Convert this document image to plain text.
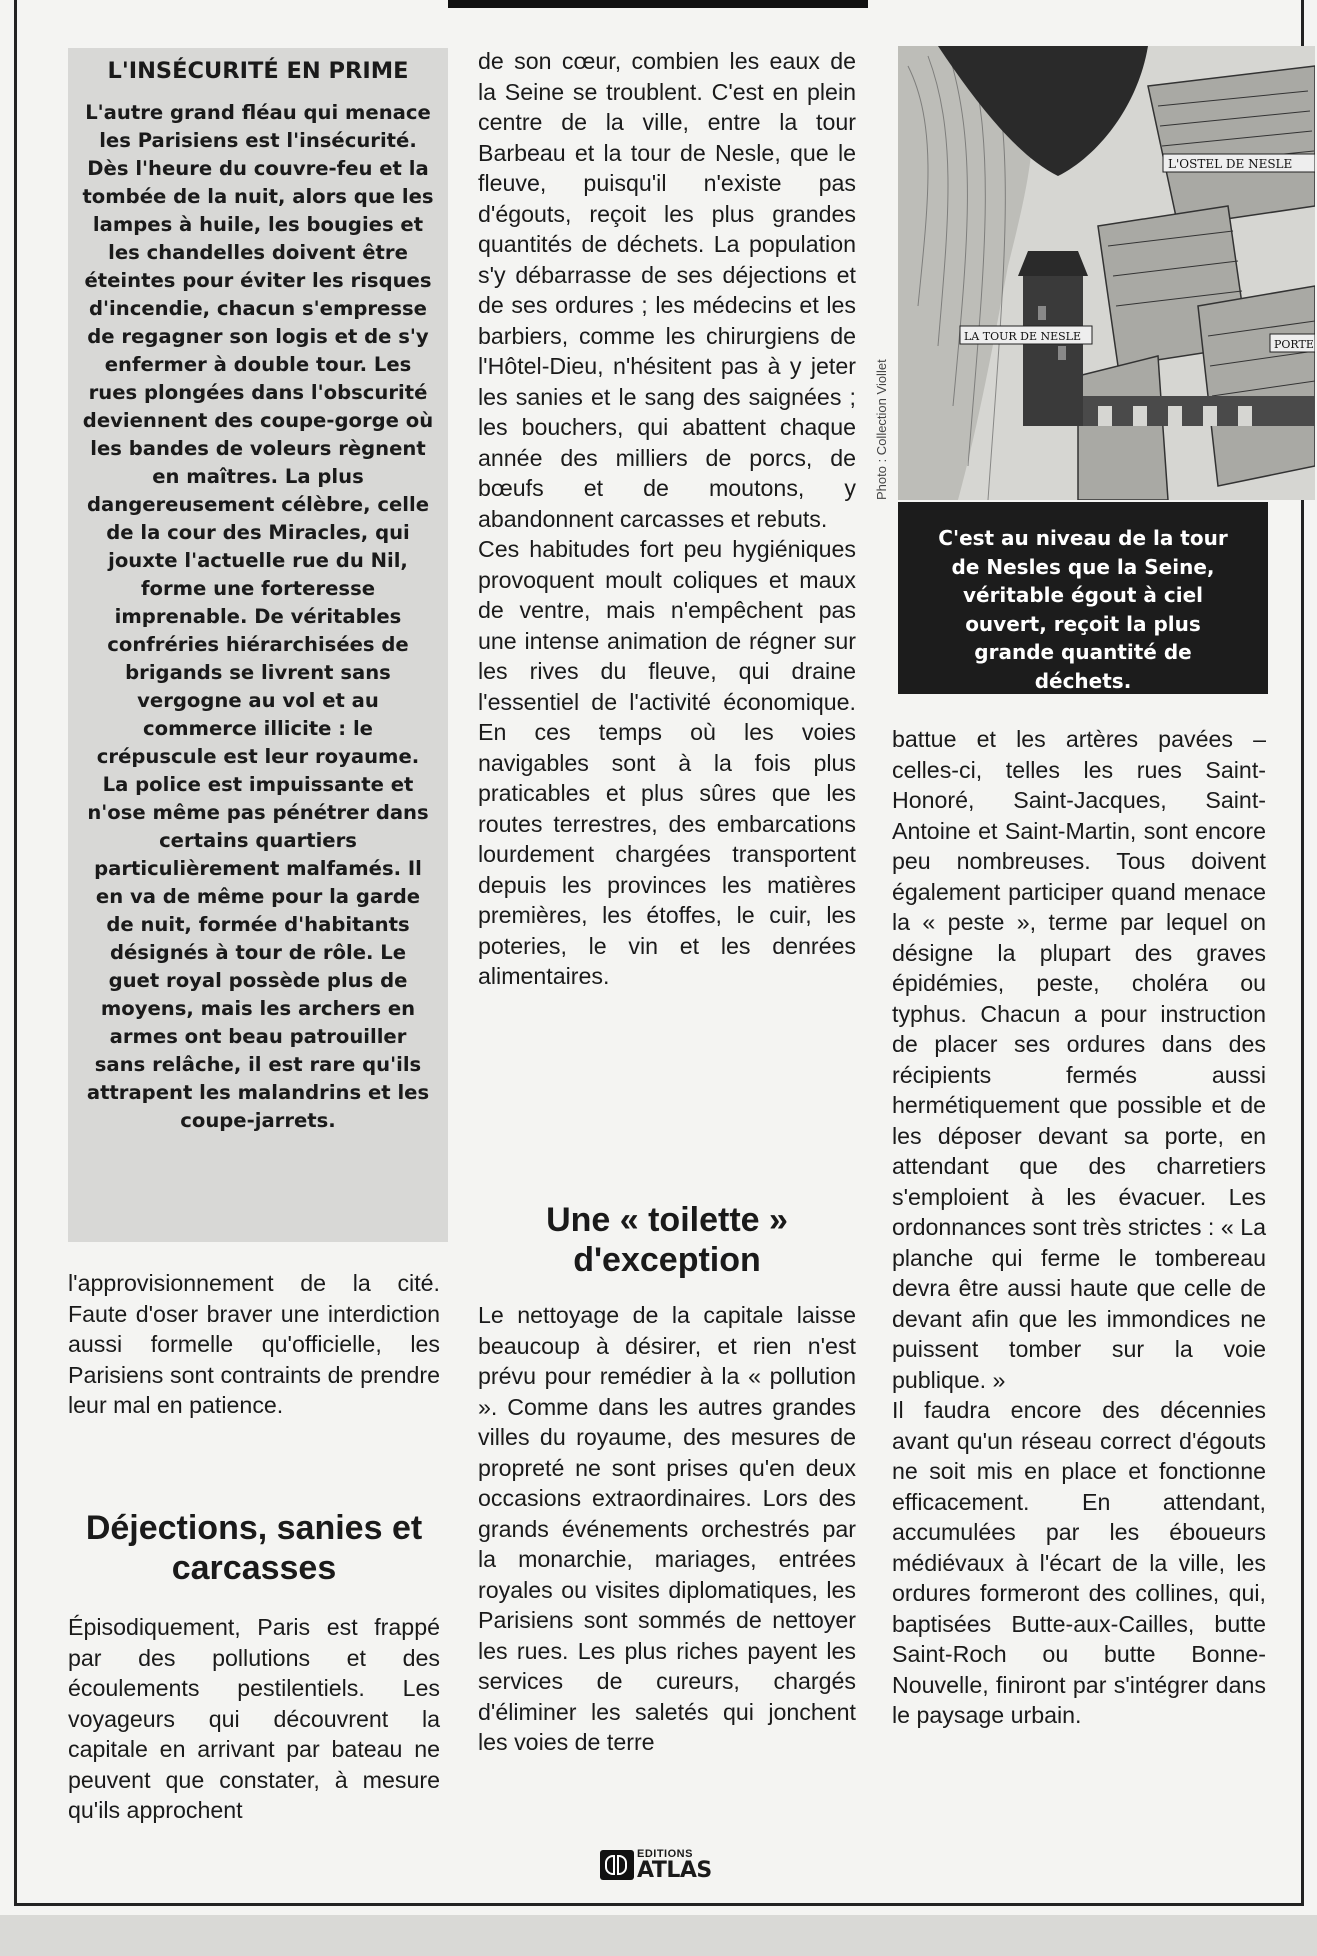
L'INSÉCURITÉ EN PRIME

L'autre grand fléau qui menace les Parisiens est l'insécurité. Dès l'heure du couvre-feu et la tombée de la nuit, alors que les lampes à huile, les bougies et les chandelles doivent être éteintes pour éviter les risques d'incendie, chacun s'empresse de regagner son logis et de s'y enfermer à double tour. Les rues plongées dans l'obscurité deviennent des coupe-gorge où les bandes de voleurs règnent en maîtres. La plus dangereusement célèbre, celle de la cour des Miracles, qui jouxte l'actuelle rue du Nil, forme une forteresse imprenable. De véritables confréries hiérarchisées de brigands se livrent sans vergogne au vol et au commerce illicite : le crépuscule est leur royaume. La police est impuissante et n'ose même pas pénétrer dans certains quartiers particulièrement malfamés. Il en va de même pour la garde de nuit, formée d'habitants désignés à tour de rôle. Le guet royal possède plus de moyens, mais les archers en armes ont beau patrouiller sans relâche, il est rare qu'ils attrapent les malandrins et les coupe-jarrets.

l'approvisionnement de la cité. Faute d'oser braver une interdiction aussi formelle qu'officielle, les Parisiens sont contraints de prendre leur mal en patience.

Déjections, sanies et carcasses

Épisodiquement, Paris est frappé par des pollutions et des écoulements pestilentiels. Les voyageurs qui découvrent la capitale en arrivant par bateau ne peuvent que constater, à mesure qu'ils approchent

de son cœur, combien les eaux de la Seine se troublent. C'est en plein centre de la ville, entre la tour Barbeau et la tour de Nesle, que le fleuve, puisqu'il n'existe pas d'égouts, reçoit les plus grandes quantités de déchets. La population s'y débarrasse de ses déjections et de ses ordures ; les médecins et les barbiers, comme les chirurgiens de l'Hôtel-Dieu, n'hésitent pas à y jeter les sanies et le sang des saignées ; les bouchers, qui abattent chaque année des milliers de porcs, de bœufs et de moutons, y abandonnent carcasses et rebuts.

Ces habitudes fort peu hygiéniques provoquent moult coliques et maux de ventre, mais n'empêchent pas une intense animation de régner sur les rives du fleuve, qui draine l'essentiel de l'activité économique. En ces temps où les voies navigables sont à la fois plus praticables et plus sûres que les routes terrestres, des embarcations lourdement chargées transportent depuis les provinces les matières premières, les étoffes, le cuir, les poteries, le vin et les denrées alimentaires.

Une « toilette » d'exception

Le nettoyage de la capitale laisse beaucoup à désirer, et rien n'est prévu pour remédier à la « pollution ». Comme dans les autres grandes villes du royaume, des mesures de propreté ne sont prises qu'en deux occasions extraordinaires. Lors des grands événements orchestrés par la monarchie, mariages, entrées royales ou visites diplomatiques, les Parisiens sont sommés de nettoyer les rues. Les plus riches payent les services de cureurs, chargés d'éliminer les saletés qui jonchent les voies de terre

L'OSTEL DE NESLE
LA TOUR DE NESLE
PORTE
Photo : Collection Viollet
C'est au niveau de la tour de Nesles que la Seine, véritable égout à ciel ouvert, reçoit la plus grande quantité de déchets.

battue et les artères pavées – celles-ci, telles les rues Saint-Honoré, Saint-Jacques, Saint-Antoine et Saint-Martin, sont encore peu nombreuses. Tous doivent également participer quand menace la « peste », terme par lequel on désigne la plupart des graves épidémies, peste, choléra ou typhus. Chacun a pour instruction de placer ses ordures dans des récipients fermés aussi hermétiquement que possible et de les déposer devant sa porte, en attendant que des charretiers s'emploient à les évacuer. Les ordonnances sont très strictes : « La planche qui ferme le tombereau devra être aussi haute que celle de devant afin que les immondices ne puissent tomber sur la voie publique. »

Il faudra encore des décennies avant qu'un réseau correct d'égouts ne soit mis en place et fonctionne efficacement. En attendant, accumulées par les éboueurs médiévaux à l'écart de la ville, les ordures formeront des collines, qui, baptisées Butte-aux-Cailles, butte Saint-Roch ou butte Bonne-Nouvelle, finiront par s'intégrer dans le paysage urbain.

EDITIONS
ATLAS
